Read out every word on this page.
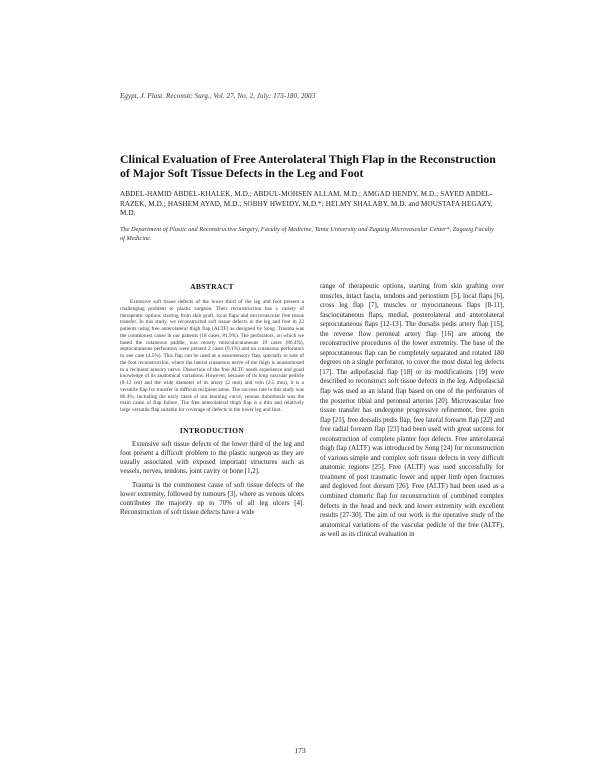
Egypt, J. Plast. Reconstr. Surg., Vol. 27, No. 2, July: 173-180, 2003
Clinical Evaluation of Free Anterolateral Thigh Flap in the Reconstruction of Major Soft Tissue Defects in the Leg and Foot
ABDEL-HAMID ABDEL-KHALEK, M.D.; ABDUL-MOHSEN ALLAM, M.D.; AMGAD HENDY, M.D.; SAYED ABDEL-RAZEK, M.D.; HASHEM AYAD, M.D.; SOBHY HWEIDY, M.D.*; HELMY SHALABY, M.D. and MOUSTAFA HEGAZY, M.D.
The Department of Plastic and Reconstructive Surgery, Faculty of Medicine, Tanta University and Zagazig Microvascular Center*, Zagazig Faculty of Medicine.
ABSTRACT

Extensive soft tissue defects of the lower third of the leg and foot present a challenging problem to plastic surgeon. Their reconstruction has a variety of therapeutic options starting from skin graft, local flaps and microvascular free tissue transfer. In this study, we reconstructed soft tissue defects in the leg and foot in 22 patients using free anterolateral thigh flap (ALTF) as designed by Song. Trauma was the commonest cause in our patients (18 cases, 81.9%). The perforators, on which we based the cutaneous paddle, was mostly musculocutaneous 19 cases (86.4%), septocutaneous perforators were present 2 cases (9.1%) and no cutaneous perforators in one case (4.5%). This flap can be used as a neurosensory flap, specially in sole of the foot reconstruction, where the lateral cutaneous nerve of the thigh is anastomosed to a recipient sensory nerve. Dissection of the free ALTF needs experience and good knowledge of its anatomical variations. However, because of its long vascular pedicle (8-12 cm) and the wide diameter of its artery (2 mm) and vein (2.5 mm), it is a versatile flap for transfer in difficult recipient areas. The success rate in this study was 86.4%, including the early cases of our learning curve, venous thrombosis was the main cause of flap failure. The free anterolateral thigh flap is a thin and relatively large versatile flap suitable for coverage of defects in the lower leg and foot.

INTRODUCTION

Extensive soft tissue defects of the lower third of the leg and foot present a difficult problem to the plastic surgeon as they are usually associated with exposed important structures such as vessels, nerves, tendons, joint cavity or bone [1,2].

Trauma is the commonest cause of soft tissue defects of the lower extremity, followed by tumours [3], where as venous ulcers contributes the majority up to 70% of all leg ulcers [4]. Reconstruction of soft tissue defects have a wide

range of therapeutic options, starting from skin grafting over muscles, intact fascia, tendons and periostium [5], local flaps [6], cross leg flap [7], muscles or myocutaneous flaps [8-11], fasciocutaneous flaps, medial, posterolateral and anterolateral septocutaneous flaps [12-13]. The dorsalis pedis artery flap [15], the reverse flow peroneal artery flap [16] are among the reconstructive procedures of the lower extremity. The base of the septocutaneous flap can be completely separated and rotated 180 degrees on a single perforator, to cover the most distal leg defects [17]. The adipofascial flap [18] or its modifications [19] were described to reconstruct soft tissue defects in the leg. Adipofascial flap was used as an island flap based on one of the perforators of the posterior tibial and peroneal arteries [20]. Microvascular free tissue transfer has undergone progressive refinement, free groin flap [21], free dorsalis pedis flap, free lateral forearm flap [22] and free radial forearm flap [23] had been used with great success for reconstruction of complete planter foot defects. Free anterolateral thigh flap (ALTF) was introduced by Song [24] for reconstruction of various simple and complex soft tissue defects in very difficult anatomic regions [25]. Free (ALTF) was used successfully for treatment of post traumatic lower and upper limb open fractures and degloved foot dorsum [26]. Free (ALTF) had been used as a combined chimeric flap for reconstruction of combined complex defects in the head and neck and lower extremity with excellent results [27-30]. The aim of our work is the operative study of the anatomical variations of the vascular pedicle of the free (ALTF), as well as its clinical evaluation in

173
